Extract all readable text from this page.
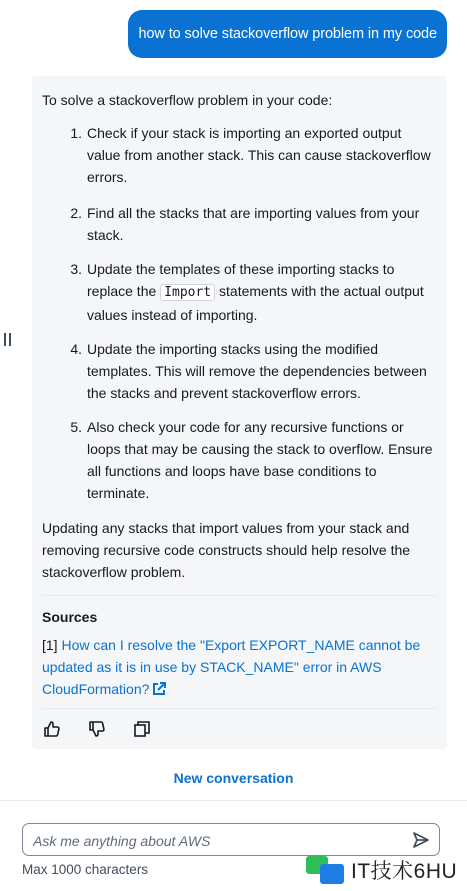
how to solve stackoverflow problem in my code
To solve a stackoverflow problem in your code:
1. Check if your stack is importing an exported output
value from another stack. This can cause stackoverflow
errors.
2. Find all the stacks that are importing values from your
stack.
3. Update the templates of these importing stacks to
replace the Import statements with the actual output
values instead of importing.
4. Update the importing stacks using the modified
templates. This will remove the dependencies between
the stacks and prevent stackoverflow errors.
5. Also check your code for any recursive functions or
loops that may be causing the stack to overflow. Ensure
all functions and loops have base conditions to
terminate.
Updating any stacks that import values from your stack and
removing recursive code constructs should help resolve the
stackoverflow problem.
Sources
[1] How can I resolve the "Export EXPORT_NAME cannot be
updated as it is in use by STACK_NAME" error in AWS
CloudFormation?
New conversation
Ask me anything about AWS
Max 1000 characters	IT技术6HU
